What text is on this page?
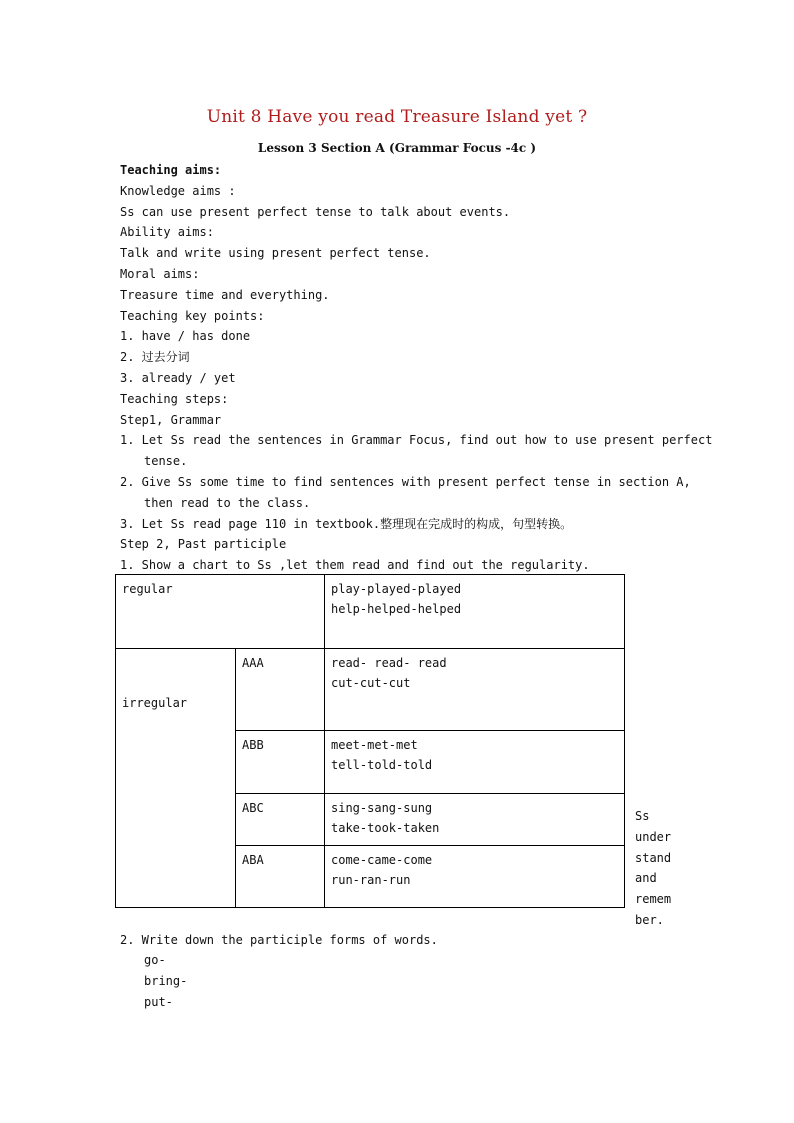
Unit 8 Have you read Treasure Island yet ?
Lesson 3 Section A (Grammar Focus -4c )
Teaching aims:
Knowledge aims :
Ss can use present perfect tense to talk about events.
Ability aims:
Talk and write using present perfect tense.
Moral aims:
Treasure time and everything.
Teaching key points:
1. have / has done
2. 过去分词
3. already / yet
Teaching steps:
Step1, Grammar
1. Let Ss read the sentences in Grammar Focus, find out how to use present perfect
tense.
2. Give Ss some time to find sentences with present perfect tense in section A,
then read to the class.
3. Let Ss read page 110 in textbook.整理现在完成时的构成，句型转换。
Step 2, Past participle
1. Show a chart to Ss ,let them read and find out the regularity.
regular		play-played-played
help-helped-helped

irregular	AAA	read- read- read
cut-cut-cut

	ABB	meet-met-met
tell-told-told

	ABC	sing-sang-sung
take-took-taken

	ABA	come-came-come
run-ran-run
Ss
under
stand
and
remem
ber.
2. Write down the participle forms of words.
go-
bring-
put-
